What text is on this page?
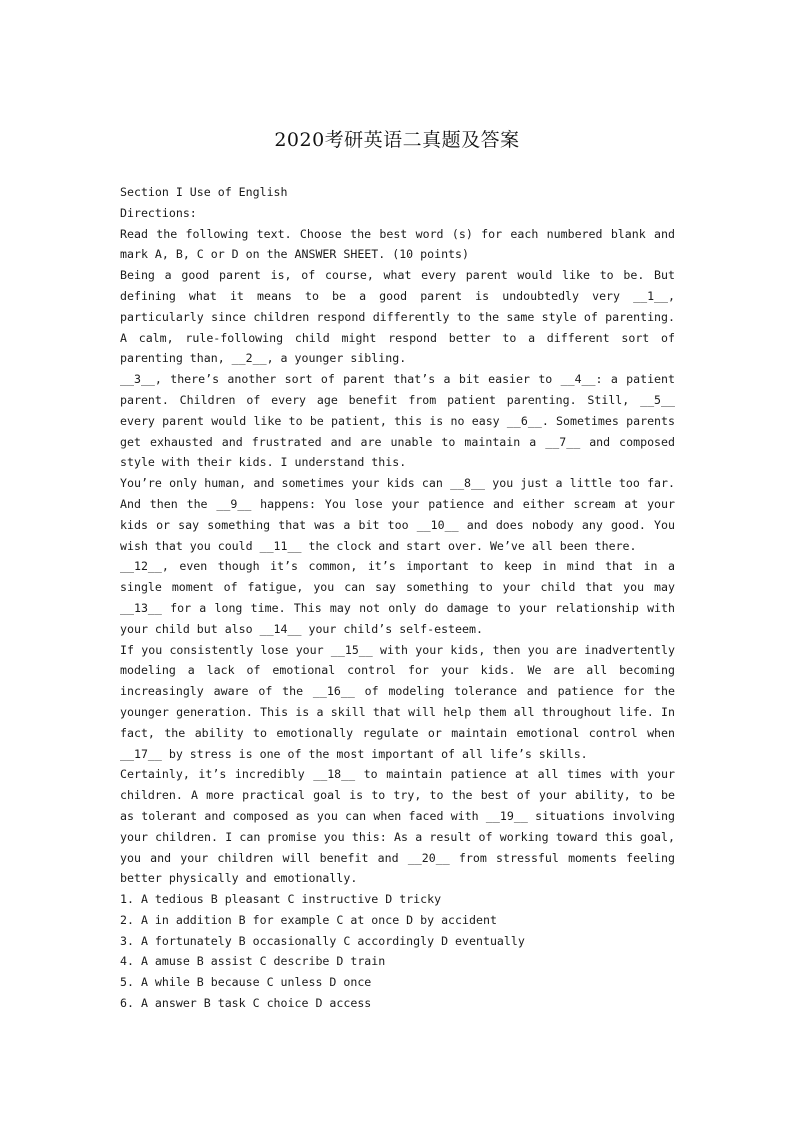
2020考研英语二真题及答案
Section I Use of English
Directions:
Read the following text. Choose the best word (s) for each numbered blank and
mark A, B, C or D on the ANSWER SHEET. (10 points)
Being a good parent is, of course, what every parent would like to be. But
defining what it means to be a good parent is undoubtedly very __1__,
particularly since children respond differently to the same style of parenting.
A calm, rule-following child might respond better to a different sort of
parenting than, __2__, a younger sibling.
__3__, there’s another sort of parent that’s a bit easier to __4__: a patient
parent. Children of every age benefit from patient parenting. Still, __5__
every parent would like to be patient, this is no easy __6__. Sometimes parents
get exhausted and frustrated and are unable to maintain a __7__ and composed
style with their kids. I understand this.
You’re only human, and sometimes your kids can __8__ you just a little too far.
And then the __9__ happens: You lose your patience and either scream at your
kids or say something that was a bit too __10__ and does nobody any good. You
wish that you could __11__ the clock and start over. We’ve all been there.
__12__, even though it’s common, it’s important to keep in mind that in a
single moment of fatigue, you can say something to your child that you may
__13__ for a long time. This may not only do damage to your relationship with
your child but also __14__ your child’s self-esteem.
If you consistently lose your __15__ with your kids, then you are inadvertently
modeling a lack of emotional control for your kids. We are all becoming
increasingly aware of the __16__ of modeling tolerance and patience for the
younger generation. This is a skill that will help them all throughout life. In
fact, the ability to emotionally regulate or maintain emotional control when
__17__ by stress is one of the most important of all life’s skills.
Certainly, it’s incredibly __18__ to maintain patience at all times with your
children. A more practical goal is to try, to the best of your ability, to be
as tolerant and composed as you can when faced with __19__ situations involving
your children. I can promise you this: As a result of working toward this goal,
you and your children will benefit and __20__ from stressful moments feeling
better physically and emotionally.
1. A tedious B pleasant C instructive D tricky
2. A in addition B for example C at once D by accident
3. A fortunately B occasionally C accordingly D eventually
4. A amuse B assist C describe D train
5. A while B because C unless D once
6. A answer B task C choice D access
